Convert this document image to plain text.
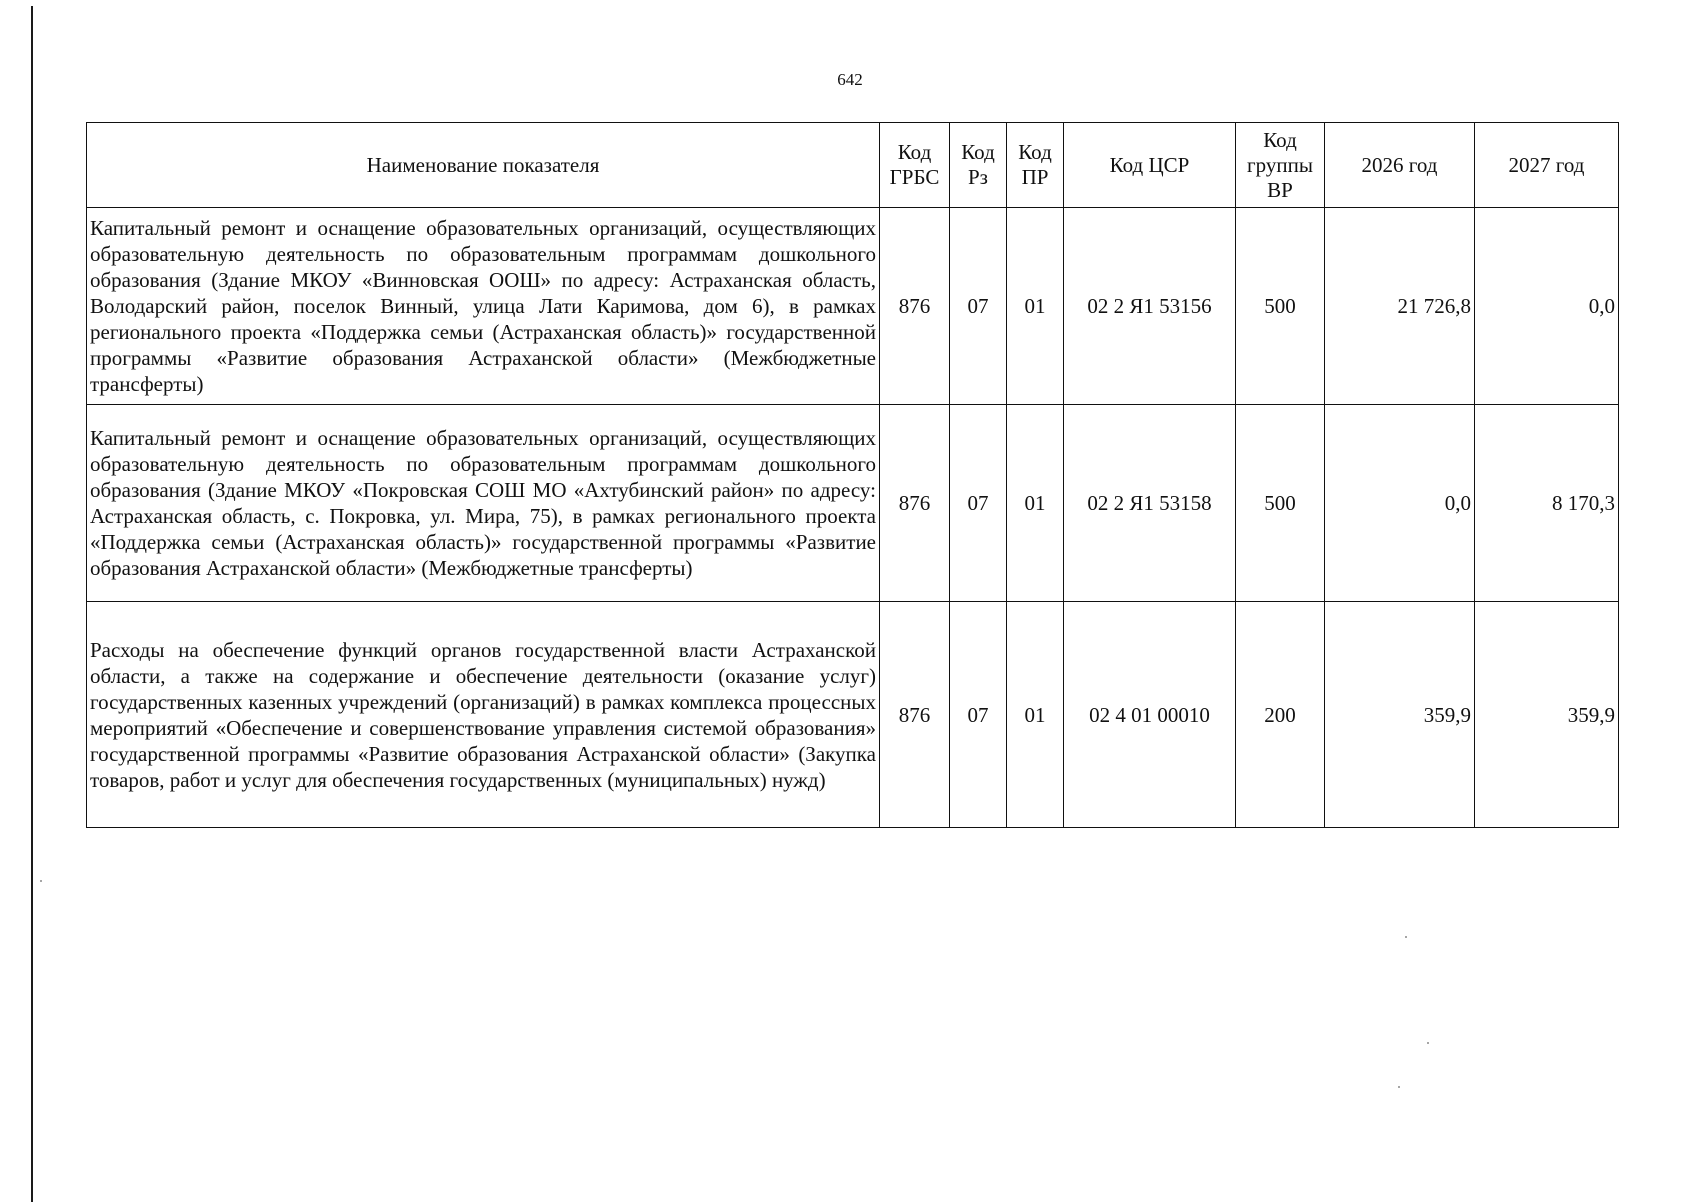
642
Наименование показателя	Код ГРБС	Код Рз	Код ПР	Код ЦСР	Код группы ВР	2026 год	2027 год
Капитальный ремонт и оснащение образовательных организаций, осуществляющих образовательную деятельность по образовательным программам дошкольного образования (Здание МКОУ «Винновская ООШ» по адресу: Астраханская область, Володарский район, поселок Винный, улица Лати Каримова, дом 6), в рамках регионального проекта «Поддержка семьи (Астраханская область)» государственной программы «Развитие образования Астраханской области» (Межбюджетные трансферты)	876	07	01	02 2 Я1 53156	500	21 726,8	0,0
Капитальный ремонт и оснащение образовательных организаций, осуществляющих образовательную деятельность по образовательным программам дошкольного образования (Здание МКОУ «Покровская СОШ МО «Ахтубинский район» по адресу: Астраханская область, с. Покровка, ул. Мира, 75), в рамках регионального проекта «Поддержка семьи (Астраханская область)» государственной программы «Развитие образования Астраханской области» (Межбюджетные трансферты)	876	07	01	02 2 Я1 53158	500	0,0	8 170,3
Расходы на обеспечение функций органов государственной власти Астраханской области, а также на содержание и обеспечение деятельности (оказание услуг) государственных казенных учреждений (организаций) в рамках комплекса процессных мероприятий «Обеспечение и совершенствование управления системой образования» государственной программы «Развитие образования Астраханской области» (Закупка товаров, работ и услуг для обеспечения государственных (муниципальных) нужд)	876	07	01	02 4 01 00010	200	359,9	359,9
